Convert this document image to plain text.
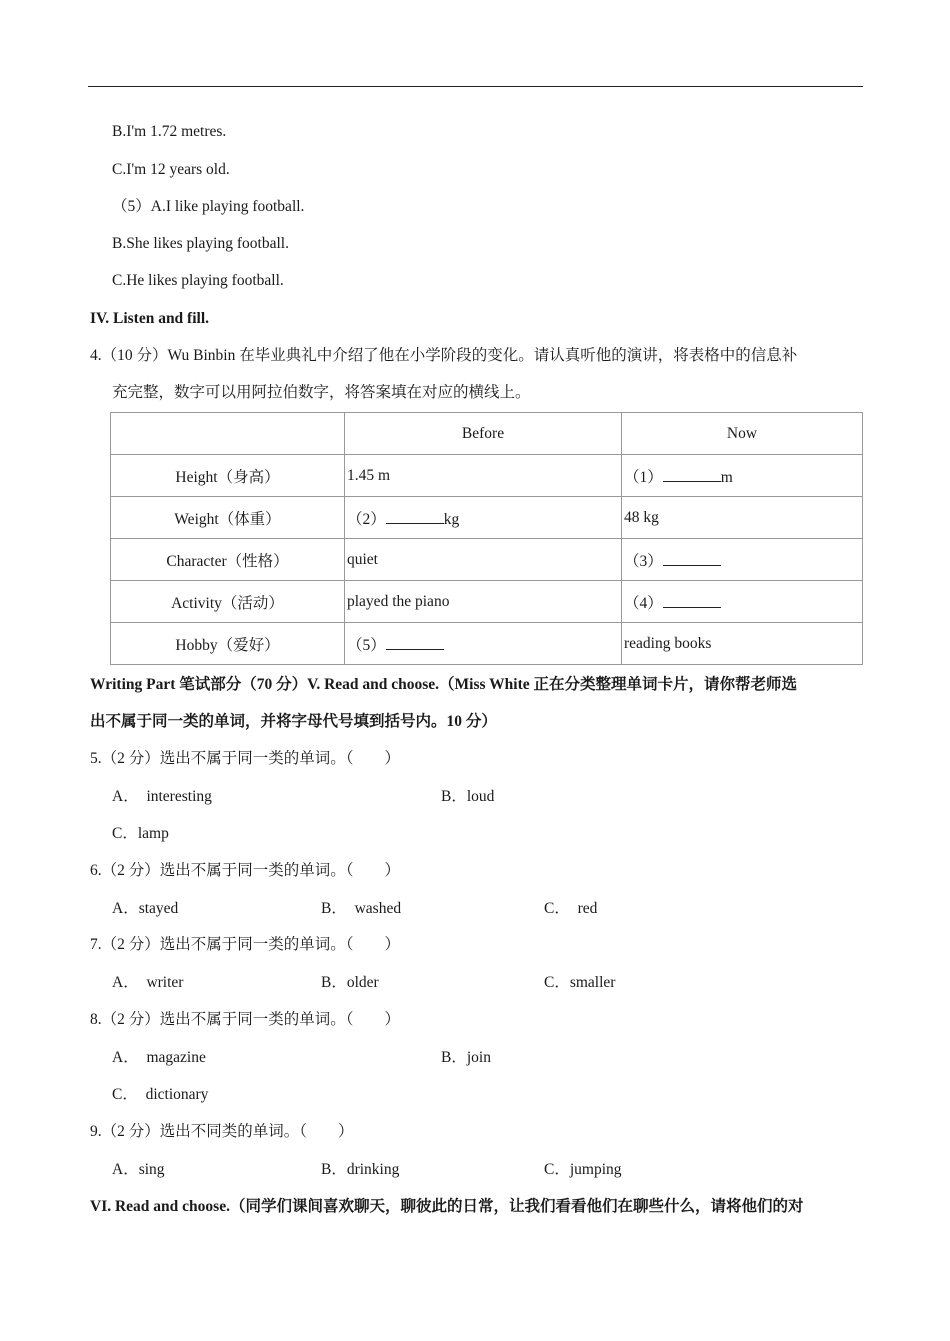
B.I'm 1.72 metres.
C.I'm 12 years old.
（5）A.I like playing football.
B.She likes playing football.
C.He likes playing football.
IV. Listen and fill.
4.（10 分）Wu Binbin 在毕业典礼中介绍了他在小学阶段的变化。请认真听他的演讲，将表格中的信息补
充完整，数字可以用阿拉伯数字，将答案填在对应的横线上。
	Before	Now
Height（身高）	1.45 m	（1） m
Weight（体重）	（2） kg	48 kg
Character（性格）	quiet	（3）
Activity（活动）	played the piano	（4）
Hobby（爱好）	（5）	reading books
Writing Part 笔试部分（70 分）V. Read and choose.（Miss White 正在分类整理单词卡片，请你帮老师选
出不属于同一类的单词，并将字母代号填到括号内。10 分）
5.（2 分）选出不属于同一类的单词。（　　）
A．　interesting	B．loud
C．lamp
6.（2 分）选出不属于同一类的单词。（　　）
A．stayed	B．　washed	C．　red
7.（2 分）选出不属于同一类的单词。（　　）
A．　writer	B．older	C．smaller
8.（2 分）选出不属于同一类的单词。（　　）
A．　magazine	B．join
C．　dictionary
9.（2 分）选出不同类的单词。（　　）
A．sing	B．drinking	C．jumping
VI. Read and choose.（同学们课间喜欢聊天，聊彼此的日常，让我们看看他们在聊些什么，请将他们的对
